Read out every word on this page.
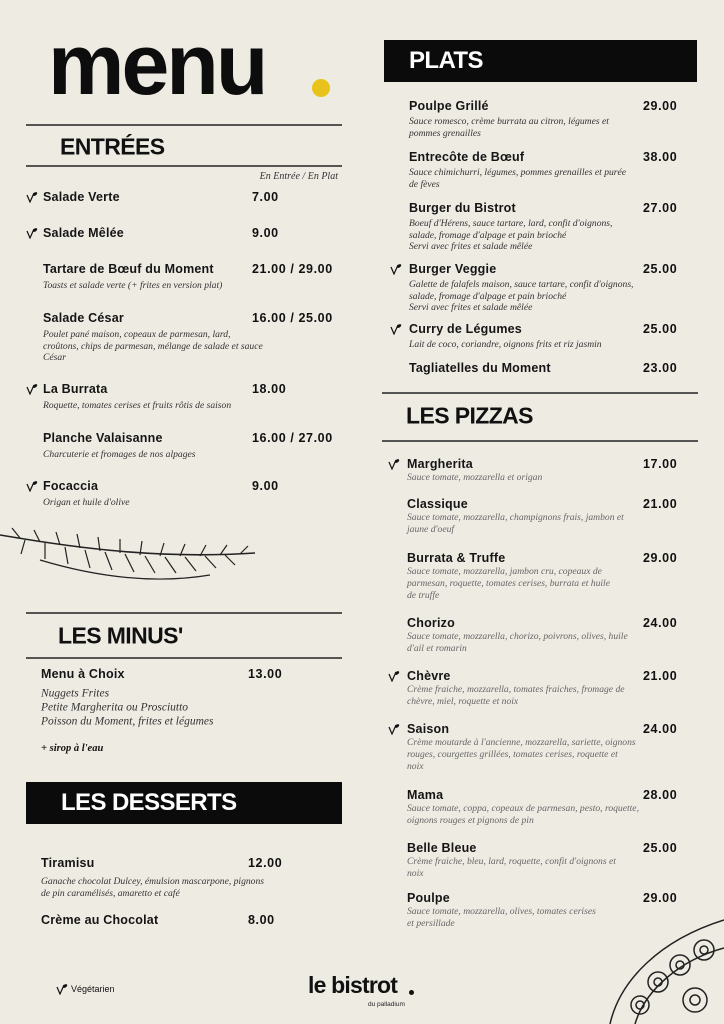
menu
ENTRÉES
En Entrée / En Plat
Salade Verte	7.00
Salade Mêlée	9.00
Tartare de Bœuf du Moment	21.00 / 29.00
Toasts et salade verte (+ frites en version plat)
Salade César	16.00 / 25.00
Poulet pané maison, copeaux de parmesan, lard,
croûtons, chips de parmesan, mélange de salade et sauce
César
La Burrata	18.00
Roquette, tomates cerises et fruits rôtis de saison
Planche Valaisanne	16.00 / 27.00
Charcuterie et fromages de nos alpages
Focaccia	9.00
Origan et huile d'olive
LES MINUS'
Menu à Choix	13.00
Nuggets Frites
Petite Margherita ou Prosciutto
Poisson du Moment, frites et légumes
+ sirop à l'eau
LES DESSERTS
Tiramisu	12.00
Ganache chocolat Dulcey, émulsion mascarpone, pignons
de pin caramélisés, amaretto et café
Crème au Chocolat	8.00
PLATS
Poulpe Grillé	29.00
Sauce romesco, crème burrata au citron, légumes et
pommes grenailles
Entrecôte de Bœuf	38.00
Sauce chimichurri, légumes, pommes grenailles et purée
de fèves
Burger du Bistrot	27.00
Boeuf d'Hérens, sauce tartare, lard, confit d'oignons,
salade, fromage d'alpage et pain brioché
Servi avec frites et salade mêlée
Burger Veggie	25.00
Galette de falafels maison, sauce tartare, confit d'oignons,
salade, fromage d'alpage et pain brioché
Servi avec frites et salade mêlée
Curry de Légumes	25.00
Lait de coco, coriandre, oignons frits et riz jasmin
Tagliatelles du Moment	23.00
LES PIZZAS
Margherita	17.00
Sauce tomate, mozzarella et origan
Classique	21.00
Sauce tomate, mozzarella, champignons frais, jambon et
jaune d'oeuf
Burrata & Truffe	29.00
Sauce tomate, mozzarella, jambon cru, copeaux de
parmesan, roquette, tomates cerises, burrata et huile
de truffe
Chorizo	24.00
Sauce tomate, mozzarella, chorizo, poivrons, olives, huile
d'ail et romarin
Chèvre	21.00
Crème fraiche, mozzarella, tomates fraiches, fromage de
chèvre, miel, roquette et noix
Saison	24.00
Crème moutarde à l'ancienne, mozzarella, sariette, oignons
rouges, courgettes grillées, tomates cerises, roquette et
noix
Mama	28.00
Sauce tomate, coppa, copeaux de parmesan, pesto, roquette,
oignons rouges et pignons de pin
Belle Bleue	25.00
Crème fraiche, bleu, lard, roquette, confit d'oignons et
noix
Poulpe	29.00
Sauce tomate, mozzarella, olives, tomates cerises
et persillade
Végétarien	le bistrot
du palladium
